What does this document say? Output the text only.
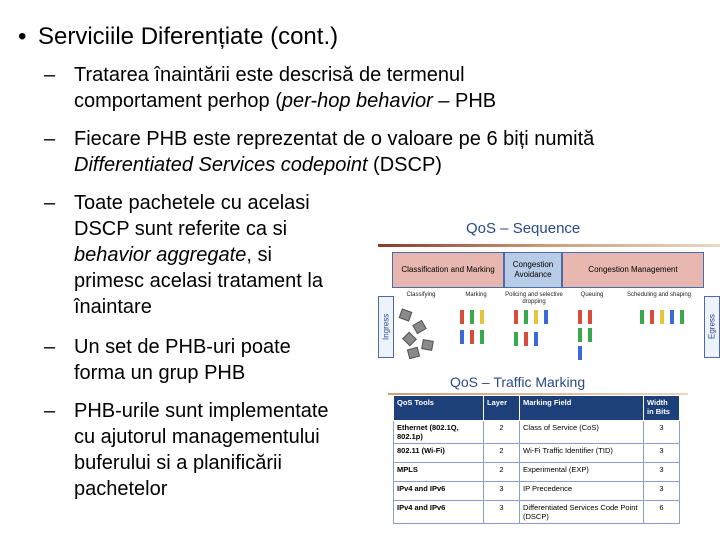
• Serviciile Diferențiate (cont.)
– Tratarea înaintării este descrisă de termenul
comportament perhop (per-hop behavior – PHB
– Fiecare PHB este reprezentat de o valoare pe 6 biți numită
Differentiated Services codepoint (DSCP)
– Toate pachetele cu acelasi
DSCP sunt referite ca si
behavior aggregate, si
primesc acelasi tratament la
înaintare
– Un set de PHB-uri poate
forma un grup PHB
– PHB-urile sunt implementate
cu ajutorul managementului
buferului si a planificării
pachetelor
QoS – Sequence
Classification and Marking
Congestion Avoidance
Congestion Management
Classifying	Marking	Policing and selective dropping
Queuing	Scheduling and shaping
Ingress	Egress
QoS – Traffic Marking
QoS Tools	Layer	Marking Field	Width in Bits
Ethernet (802.1Q, 802.1p)	2	Class of Service (CoS)	3
802.11 (Wi-Fi)	2	Wi-Fi Traffic Identifier (TID)	3
MPLS	2	Experimental (EXP)	3
IPv4 and IPv6	3	IP Precedence	3
IPv4 and IPv6	3	Differentiated Services Code Point (DSCP)	6
